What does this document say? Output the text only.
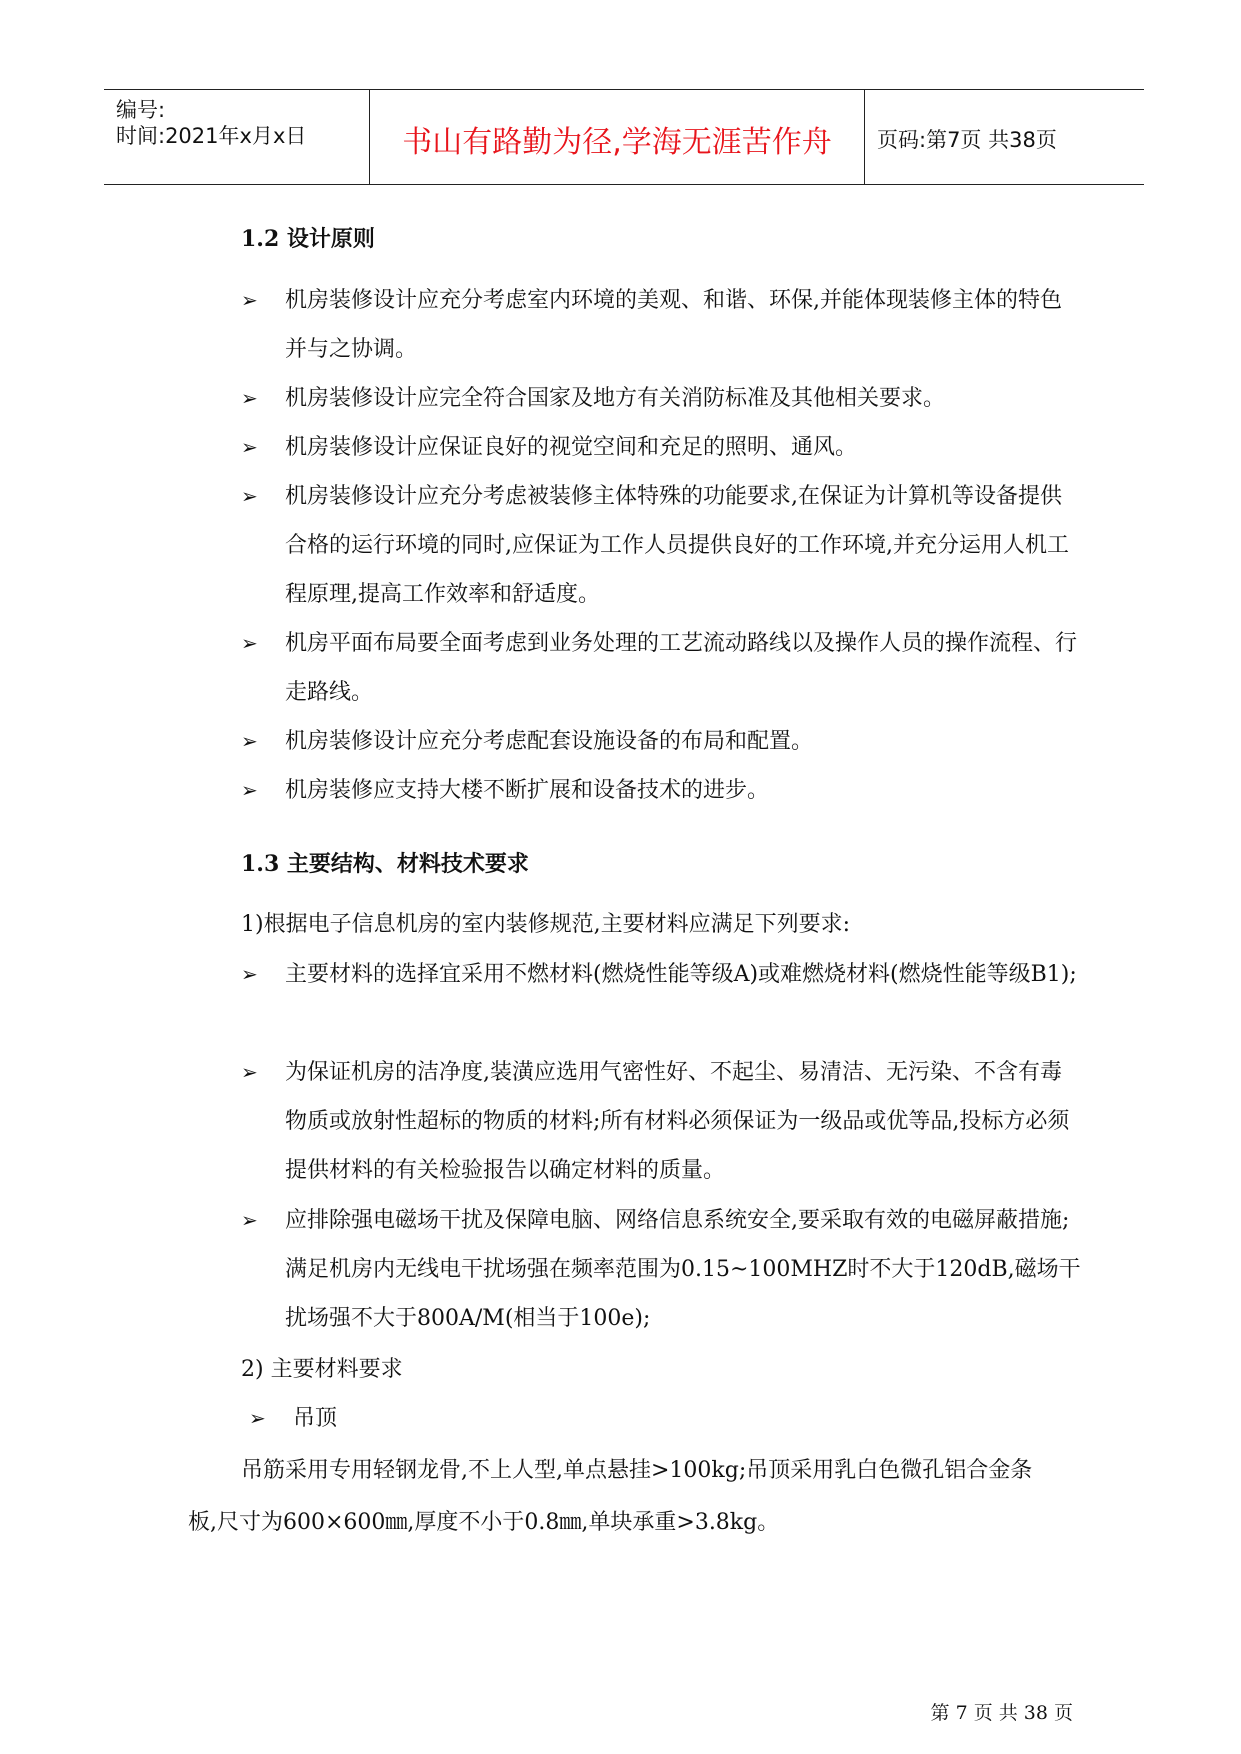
编号:
时间:2021年x月x日	书山有路勤为径,学海无涯苦作舟	页码:第7页 共38页
1.2 设计原则
➢ 机房装修设计应充分考虑室内环境的美观、和谐、环保,并能体现装修主体的特色并与之协调。
➢ 机房装修设计应完全符合国家及地方有关消防标准及其他相关要求。
➢ 机房装修设计应保证良好的视觉空间和充足的照明、通风。
➢ 机房装修设计应充分考虑被装修主体特殊的功能要求,在保证为计算机等设备提供合格的运行环境的同时,应保证为工作人员提供良好的工作环境,并充分运用人机工程原理,提高工作效率和舒适度。
➢ 机房平面布局要全面考虑到业务处理的工艺流动路线以及操作人员的操作流程、行走路线。
➢ 机房装修设计应充分考虑配套设施设备的布局和配置。
➢ 机房装修应支持大楼不断扩展和设备技术的进步。
1.3 主要结构、材料技术要求
1)根据电子信息机房的室内装修规范,主要材料应满足下列要求:
➢ 主要材料的选择宜采用不燃材料(燃烧性能等级A)或难燃烧材料(燃烧性能等级B1);
➢ 为保证机房的洁净度,装潢应选用气密性好、不起尘、易清洁、无污染、不含有毒物质或放射性超标的物质的材料;所有材料必须保证为一级品或优等品,投标方必须提供材料的有关检验报告以确定材料的质量。
➢ 应排除强电磁场干扰及保障电脑、网络信息系统安全,要采取有效的电磁屏蔽措施;满足机房内无线电干扰场强在频率范围为0.15~100MHZ时不大于120dB,磁场干扰场强不大于800A/M(相当于100e);
2) 主要材料要求
➢ 吊顶
吊筋采用专用轻钢龙骨,不上人型,单点悬挂>100kg;吊顶采用乳白色微孔铝合金条板,尺寸为600×600㎜,厚度不小于0.8㎜,单块承重>3.8kg。
第 7 页 共 38 页
